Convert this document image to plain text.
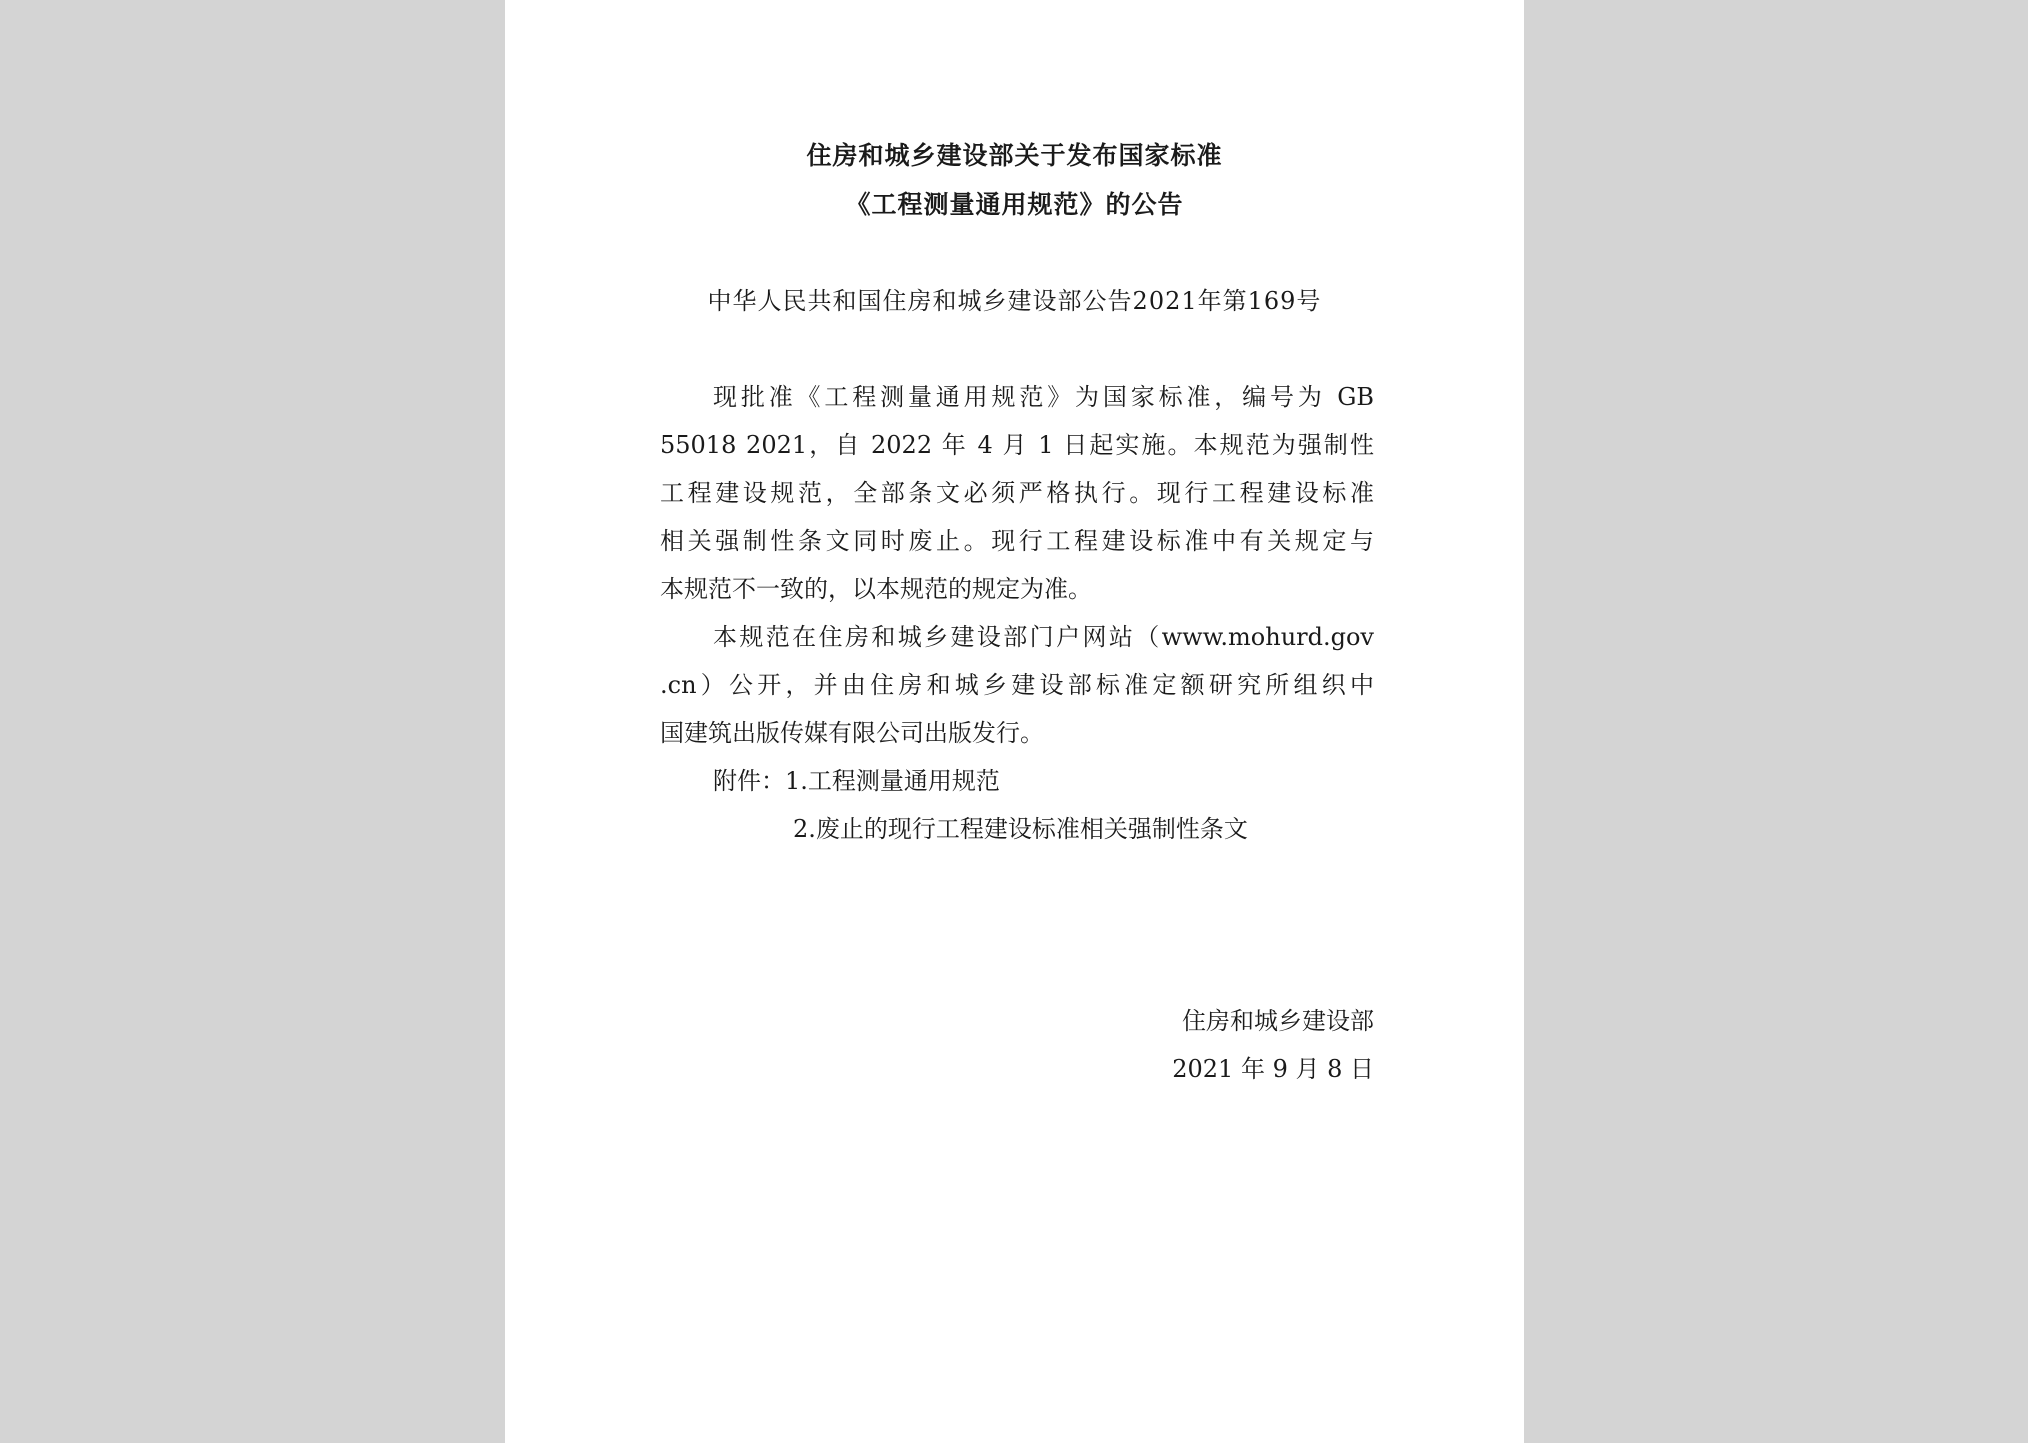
住房和城乡建设部关于发布国家标准
《工程测量通用规范》的公告
中华人民共和国住房和城乡建设部公告2021年第169号
现批准《工程测量通用规范》为国家标准，编号为 GB
55018 2021，自 2022 年 4 月 1 日起实施。本规范为强制性
工程建设规范，全部条文必须严格执行。现行工程建设标准
相关强制性条文同时废止。现行工程建设标准中有关规定与
本规范不一致的，以本规范的规定为准。
本规范在住房和城乡建设部门户网站（www.mohurd.gov
.cn）公开，并由住房和城乡建设部标准定额研究所组织中
国建筑出版传媒有限公司出版发行。
附件：1.工程测量通用规范
2.废止的现行工程建设标准相关强制性条文
住房和城乡建设部
2021 年 9 月 8 日
